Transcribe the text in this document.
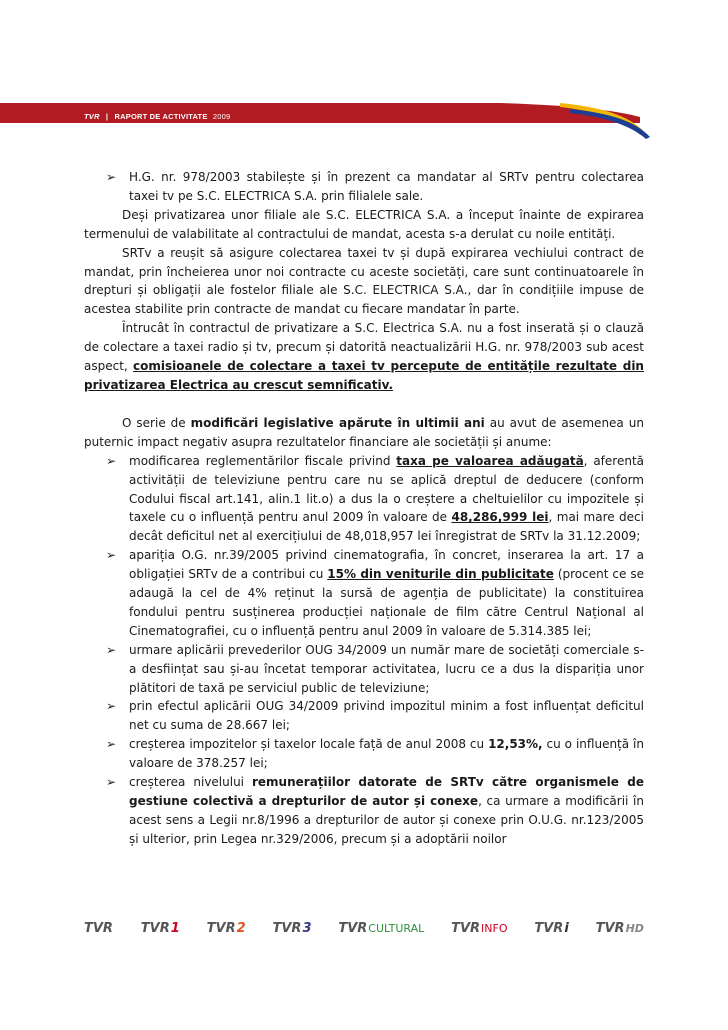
TVR | RAPORT DE ACTIVITATE 2009
➢ H.G. nr. 978/2003 stabilește și în prezent ca mandatar al SRTv pentru colectarea taxei tv pe S.C. ELECTRICA S.A. prin filialele sale.

Deși privatizarea unor filiale ale S.C. ELECTRICA S.A. a început înainte de expirarea termenului de valabilitate al contractului de mandat, acesta s-a derulat cu noile entități.

SRTv a reușit să asigure colectarea taxei tv și după expirarea vechiului contract de mandat, prin încheierea unor noi contracte cu aceste societăți, care sunt continuatoarele în drepturi și obligații ale fostelor filiale ale S.C. ELECTRICA S.A., dar în condițiile impuse de acestea stabilite prin contracte de mandat cu fiecare mandatar în parte.

Întrucât în contractul de privatizare a S.C. Electrica S.A. nu a fost inserată și o clauză de colectare a taxei radio și tv, precum și datorită neactualizării H.G. nr. 978/2003 sub acest aspect, comisioanele de colectare a taxei tv percepute de entitățile rezultate din privatizarea Electrica au crescut semnificativ.

O serie de modificări legislative apărute în ultimii ani au avut de asemenea un puternic impact negativ asupra rezultatelor financiare ale societății și anume:

➢ modificarea reglementărilor fiscale privind taxa pe valoarea adăugată, aferentă activității de televiziune pentru care nu se aplică dreptul de deducere (conform Codului fiscal art.141, alin.1 lit.o) a dus la o creștere a cheltuielilor cu impozitele și taxele cu o influență pentru anul 2009 în valoare de 48,286,999 lei, mai mare deci decât deficitul net al exercițiului de 48,018,957 lei înregistrat de SRTv la 31.12.2009;
➢ apariția O.G. nr.39/2005 privind cinematografia, în concret, inserarea la art. 17 a obligației SRTv de a contribui cu 15% din veniturile din publicitate (procent ce se adaugă la cel de 4% reținut la sursă de agenția de publicitate) la constituirea fondului pentru susținerea producției naționale de film către Centrul Național al Cinematografiei, cu o influență pentru anul 2009 în valoare de 5.314.385 lei;
➢ urmare aplicării prevederilor OUG 34/2009 un număr mare de societăți comerciale s-a desființat sau și-au încetat temporar activitatea, lucru ce a dus la dispariția unor plătitori de taxă pe serviciul public de televiziune;
➢ prin efectul aplicării OUG 34/2009 privind impozitul minim a fost influențat deficitul net cu suma de 28.667 lei;
➢ creșterea impozitelor și taxelor locale față de anul 2008 cu 12,53%, cu o influență în valoare de 378.257 lei;
➢ creșterea nivelului remunerațiilor datorate de SRTv către organismele de gestiune colectivă a drepturilor de autor și conexe, ca urmare a modificării în acest sens a Legii nr.8/1996 a drepturilor de autor și conexe prin O.U.G. nr.123/2005 și ulterior, prin Legea nr.329/2006, precum și a adoptării noilor
TVR TVR 1 TVR 2 TVR 3 TVR CULTURAL TVR INFO TVR i TVR HD
